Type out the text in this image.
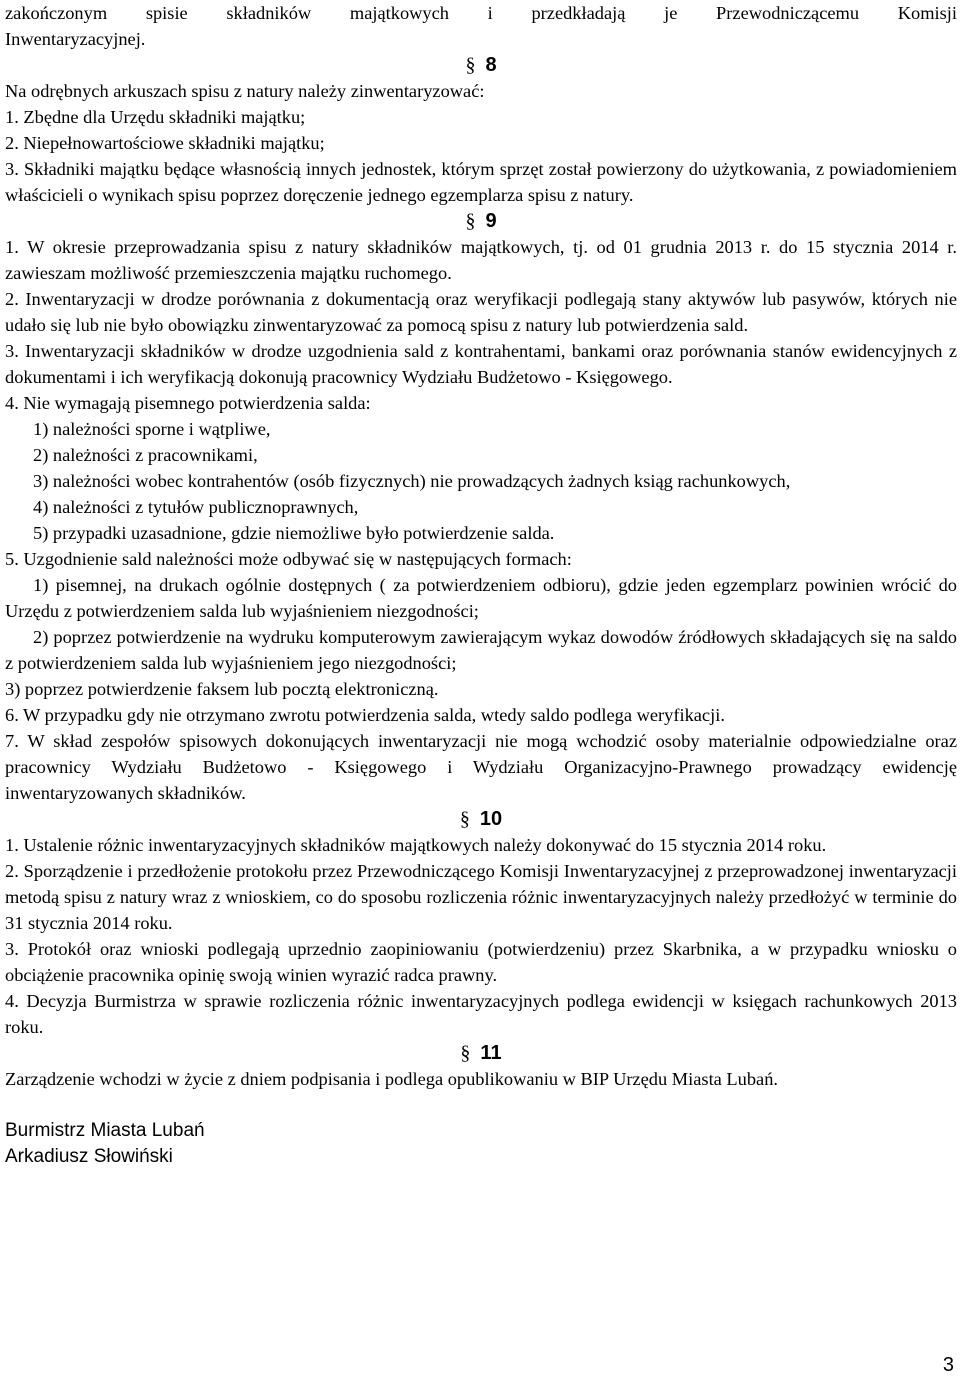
zakończonym spisie składników majątkowych i przedkładają je Przewodniczącemu Komisji

Inwentaryzacyjnej.

§ 8

Na odrębnych arkuszach spisu z natury należy zinwentaryzować:

1. Zbędne dla Urzędu składniki majątku;

2. Niepełnowartościowe składniki majątku;

3. Składniki majątku będące własnością innych jednostek, którym sprzęt został powierzony do użytkowania, z powiadomieniem właścicieli o wynikach spisu poprzez doręczenie jednego egzemplarza spisu z natury.

§ 9

1. W okresie przeprowadzania spisu z natury składników majątkowych, tj. od 01 grudnia 2013 r. do 15 stycznia 2014 r. zawieszam możliwość przemieszczenia majątku ruchomego.

2. Inwentaryzacji w drodze porównania z dokumentacją oraz weryfikacji podlegają stany aktywów lub pasywów, których nie udało się lub nie było obowiązku zinwentaryzować za pomocą spisu z natury lub potwierdzenia sald.

3. Inwentaryzacji składników w drodze uzgodnienia sald z kontrahentami, bankami oraz porównania stanów ewidencyjnych z dokumentami i ich weryfikacją dokonują pracownicy Wydziału Budżetowo - Księgowego.

4. Nie wymagają pisemnego potwierdzenia salda:

1) należności sporne i wątpliwe,

2) należności z pracownikami,

3) należności wobec kontrahentów (osób fizycznych) nie prowadzących żadnych ksiąg rachunkowych,

4) należności z tytułów publicznoprawnych,

5) przypadki uzasadnione, gdzie niemożliwe było potwierdzenie salda.

5. Uzgodnienie sald należności może odbywać się w następujących formach:

1) pisemnej, na drukach ogólnie dostępnych ( za potwierdzeniem odbioru), gdzie jeden egzemplarz powinien wrócić do Urzędu z potwierdzeniem salda lub wyjaśnieniem niezgodności;

2) poprzez potwierdzenie na wydruku komputerowym zawierającym wykaz dowodów źródłowych składających się na saldo z potwierdzeniem salda lub wyjaśnieniem jego niezgodności;

3) poprzez potwierdzenie faksem lub pocztą elektroniczną.

6. W przypadku gdy nie otrzymano zwrotu potwierdzenia salda, wtedy saldo podlega weryfikacji.

7. W skład zespołów spisowych dokonujących inwentaryzacji nie mogą wchodzić osoby materialnie odpowiedzialne oraz pracownicy Wydziału Budżetowo - Księgowego i Wydziału Organizacyjno-Prawnego prowadzący ewidencję inwentaryzowanych składników.

§ 10

1. Ustalenie różnic inwentaryzacyjnych składników majątkowych należy dokonywać do 15 stycznia 2014 roku.

2. Sporządzenie i przedłożenie protokołu przez Przewodniczącego Komisji Inwentaryzacyjnej z przeprowadzonej inwentaryzacji metodą spisu z natury wraz z wnioskiem, co do sposobu rozliczenia różnic inwentaryzacyjnych należy przedłożyć w terminie do 31 stycznia 2014 roku.

3. Protokół oraz wnioski podlegają uprzednio zaopiniowaniu (potwierdzeniu) przez Skarbnika, a w przypadku wniosku o obciążenie pracownika opinię swoją winien wyrazić radca prawny.

4. Decyzja Burmistrza w sprawie rozliczenia różnic inwentaryzacyjnych podlega ewidencji w księgach rachunkowych 2013 roku.

§ 11

Zarządzenie wchodzi w życie z dniem podpisania i podlega opublikowaniu w BIP Urzędu Miasta Lubań.

Burmistrz Miasta Lubań

Arkadiusz Słowiński

3
